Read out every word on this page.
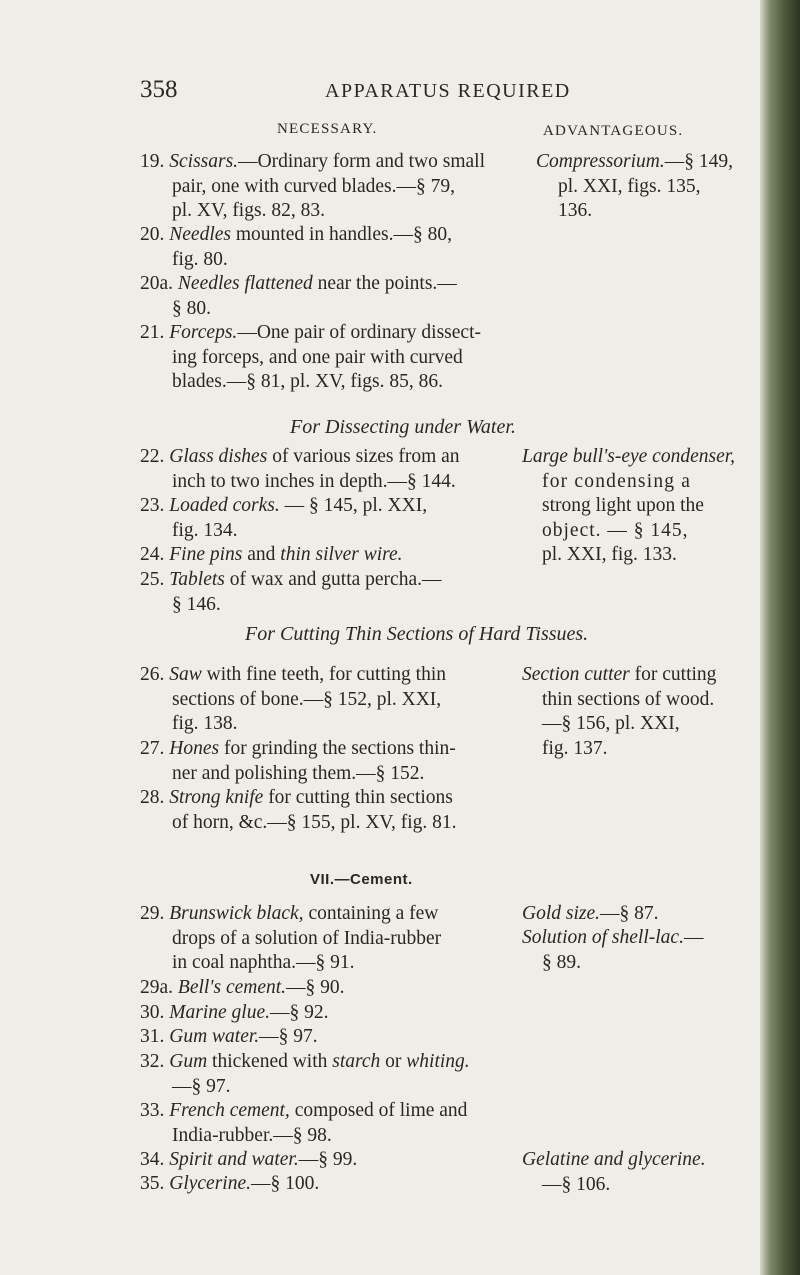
358	APPARATUS REQUIRED
NECESSARY.	ADVANTAGEOUS.
19. Scissars.—Ordinary form and two small
pair, one with curved blades.—§ 79,
pl. XV, figs. 82, 83.
20. Needles mounted in handles.—§ 80,
fig. 80.
20a. Needles flattened near the points.—
§ 80.
21. Forceps.—One pair of ordinary dissect-
ing forceps, and one pair with curved
blades.—§ 81, pl. XV, figs. 85, 86.
Compressorium.—§ 149,
pl. XXI, figs. 135,
136.
For Dissecting under Water.
22. Glass dishes of various sizes from an
inch to two inches in depth.—§ 144.
23. Loaded corks. — § 145, pl. XXI,
fig. 134.
24. Fine pins and thin silver wire.
25. Tablets of wax and gutta percha.—
§ 146.
Large bull's-eye condenser,
for condensing a
strong light upon the
object. — § 145,
pl. XXI, fig. 133.
For Cutting Thin Sections of Hard Tissues.
26. Saw with fine teeth, for cutting thin
sections of bone.—§ 152, pl. XXI,
fig. 138.
27. Hones for grinding the sections thin-
ner and polishing them.—§ 152.
28. Strong knife for cutting thin sections
of horn, &c.—§ 155, pl. XV, fig. 81.
Section cutter for cutting
thin sections of wood.
—§ 156, pl. XXI,
fig. 137.
VII.—Cement.
29. Brunswick black, containing a few
drops of a solution of India-rubber
in coal naphtha.—§ 91.
29a. Bell's cement.—§ 90.
30. Marine glue.—§ 92.
31. Gum water.—§ 97.
32. Gum thickened with starch or whiting.
—§ 97.
33. French cement, composed of lime and
India-rubber.—§ 98.
34. Spirit and water.—§ 99.
35. Glycerine.—§ 100.
Gold size.—§ 87.
Solution of shell-lac.—
§ 89.
Gelatine and glycerine.
—§ 106.
